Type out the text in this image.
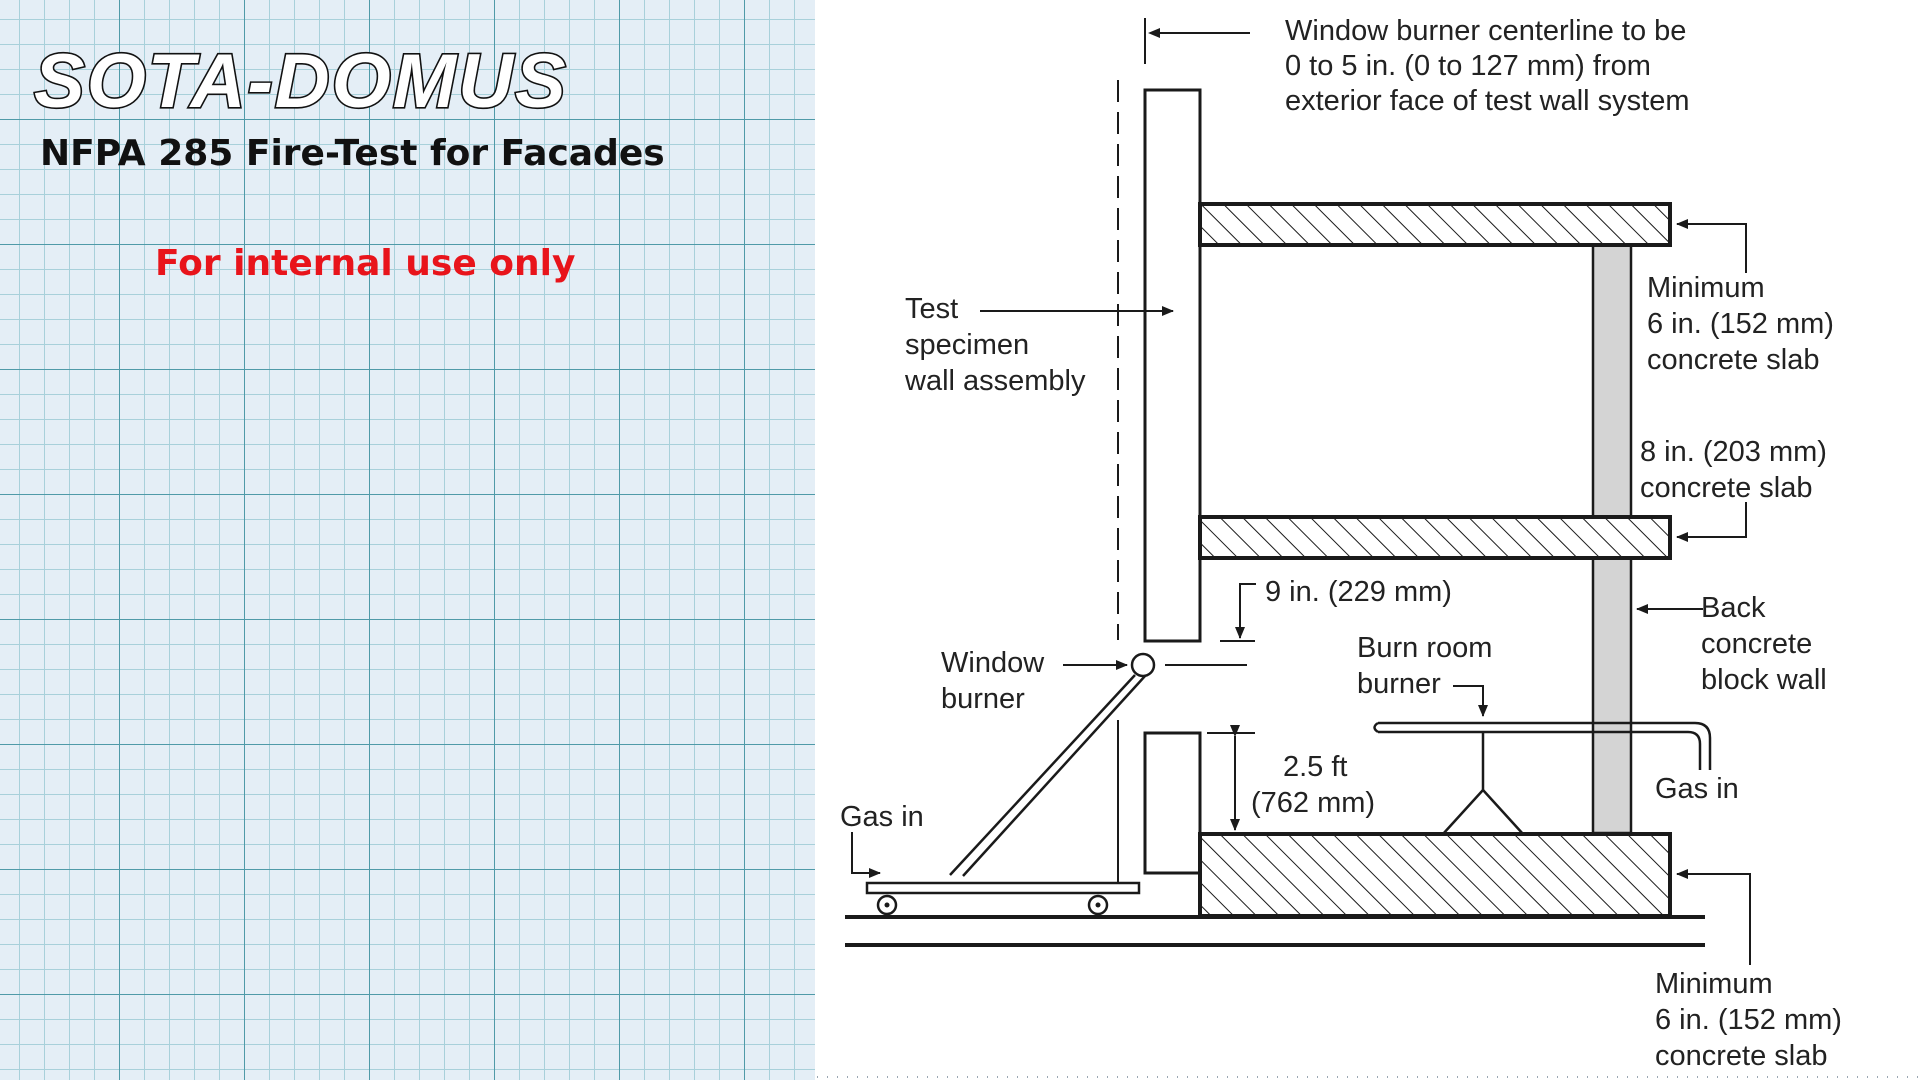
SOTA-DOMUS
NFPA 285 Fire-Test for Facades
For internal use only
Window burner centerline to be 0 to 5 in. (0 to 127 mm) from exterior face of test wall system
Test specimen wall assembly
Minimum 6 in. (152 mm) concrete slab
8 in. (203 mm) concrete slab
9 in. (229 mm)
Window burner
Burn room burner
Back concrete block wall
2.5 ft (762 mm)
Gas in
Gas in
Minimum 6 in. (152 mm) concrete slab
